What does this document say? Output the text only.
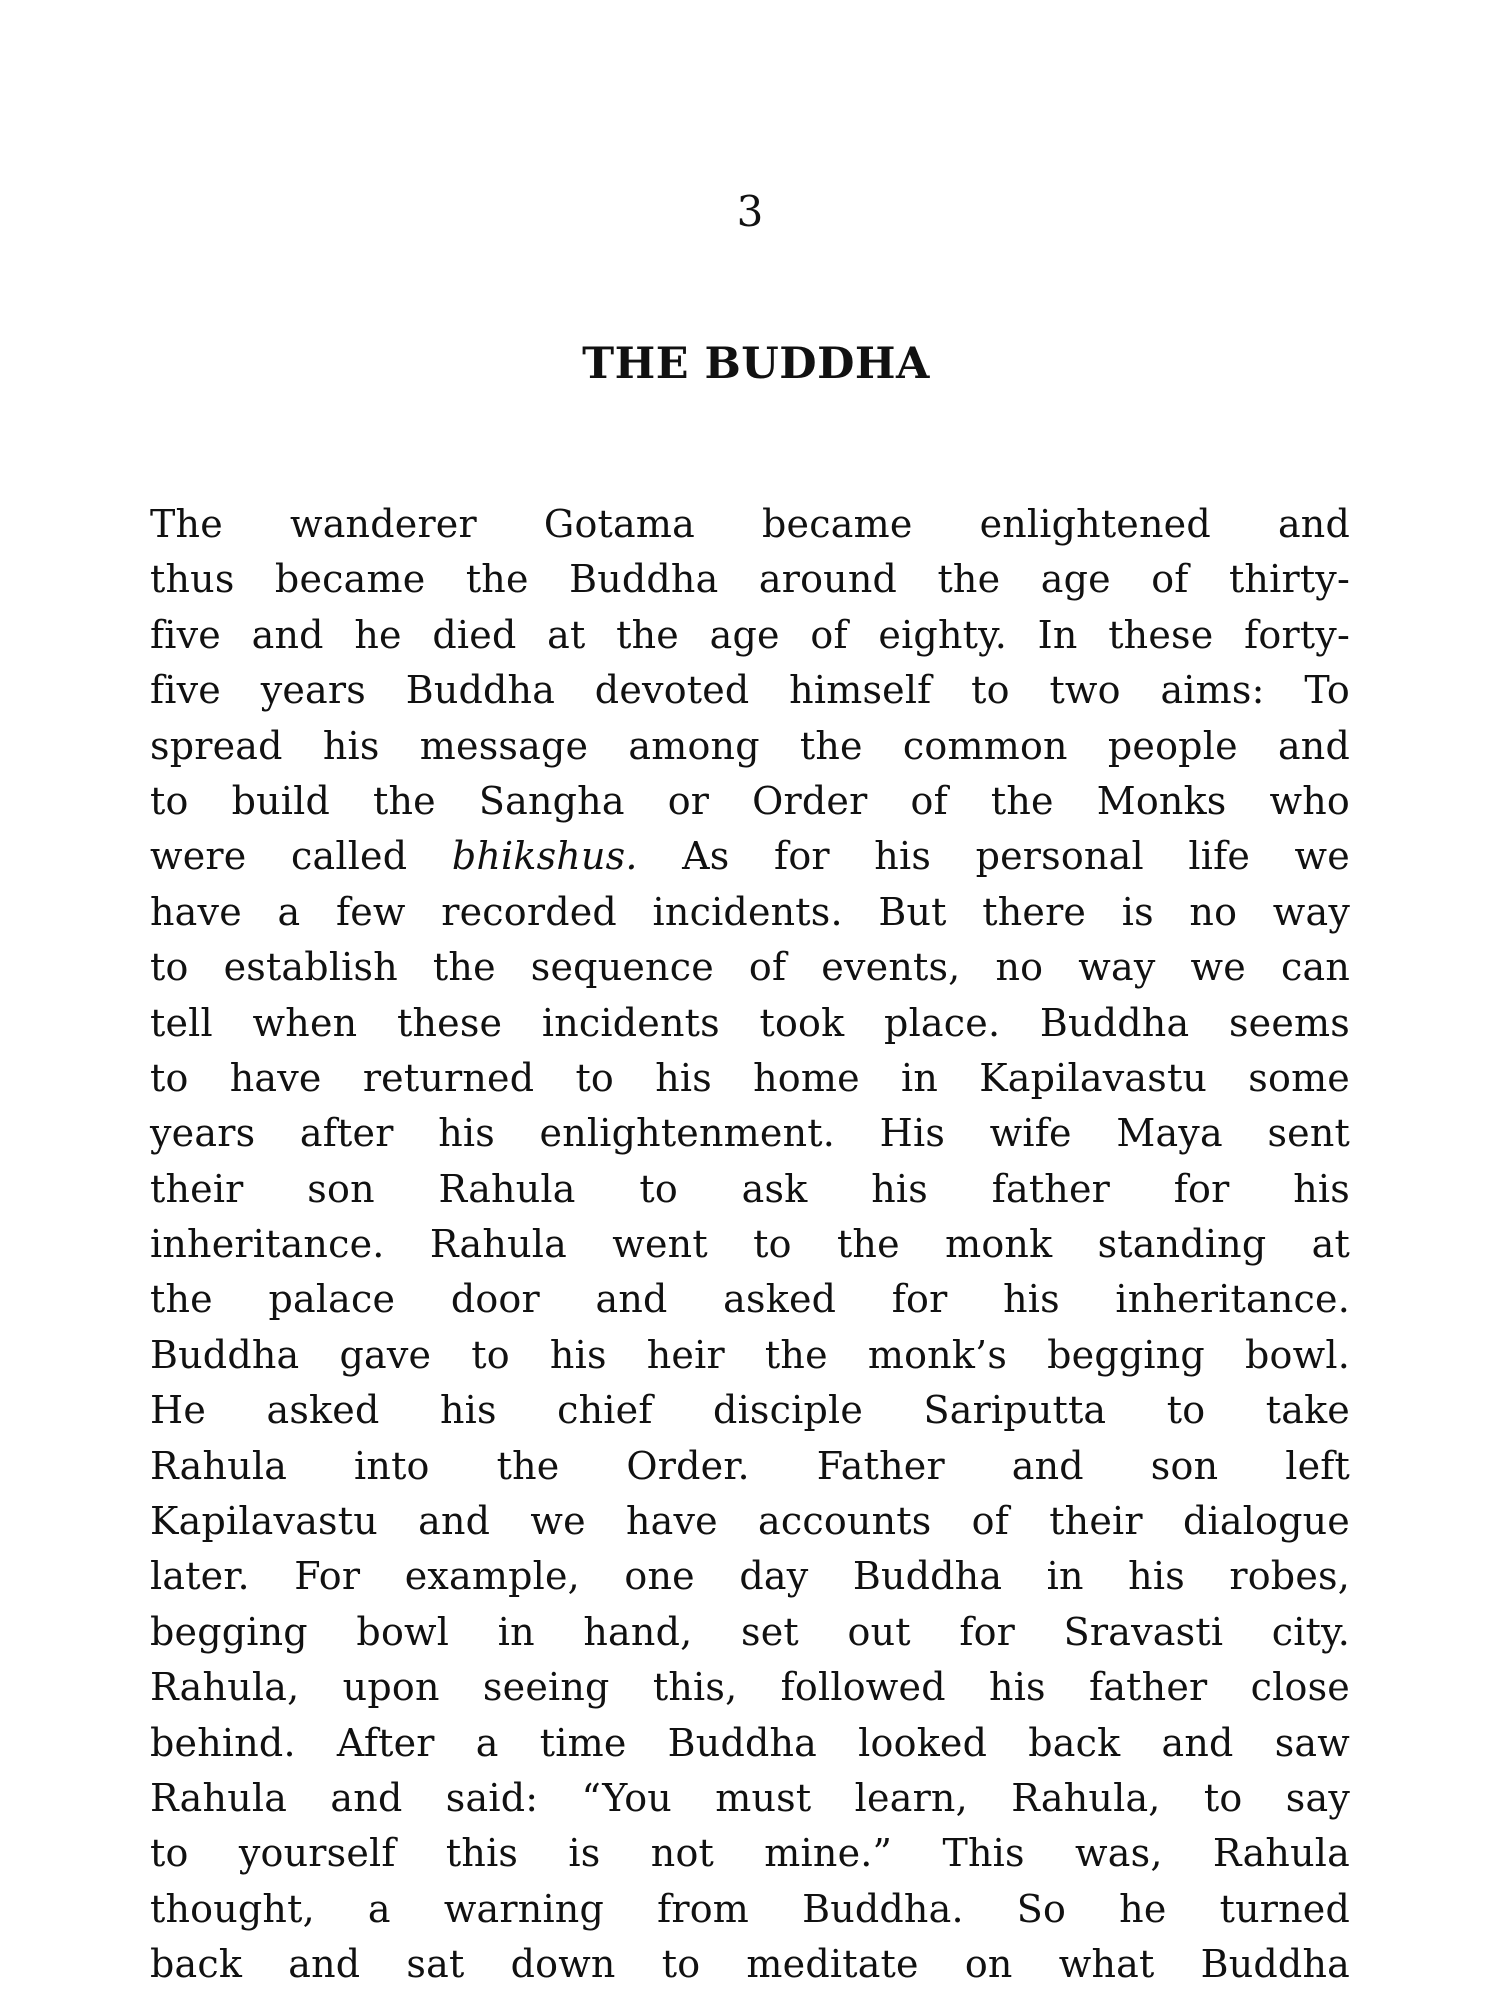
3
THE BUDDHA
The wanderer Gotama became enlightened and
thus became the Buddha around the age of thirty-
five and he died at the age of eighty. In these forty-
five years Buddha devoted himself to two aims: To
spread his message among the common people and
to build the Sangha or Order of the Monks who
were called bhikshus. As for his personal life we
have a few recorded incidents. But there is no way
to establish the sequence of events, no way we can
tell when these incidents took place. Buddha seems
to have returned to his home in Kapilavastu some
years after his enlightenment. His wife Maya sent
their son Rahula to ask his father for his
inheritance. Rahula went to the monk standing at
the palace door and asked for his inheritance.
Buddha gave to his heir the monk’s begging bowl.
He asked his chief disciple Sariputta to take
Rahula into the Order. Father and son left
Kapilavastu and we have accounts of their dialogue
later. For example, one day Buddha in his robes,
begging bowl in hand, set out for Sravasti city.
Rahula, upon seeing this, followed his father close
behind. After a time Buddha looked back and saw
Rahula and said: “You must learn, Rahula, to say
to yourself this is not mine.” This was, Rahula
thought, a warning from Buddha. So he turned
back and sat down to meditate on what Buddha
